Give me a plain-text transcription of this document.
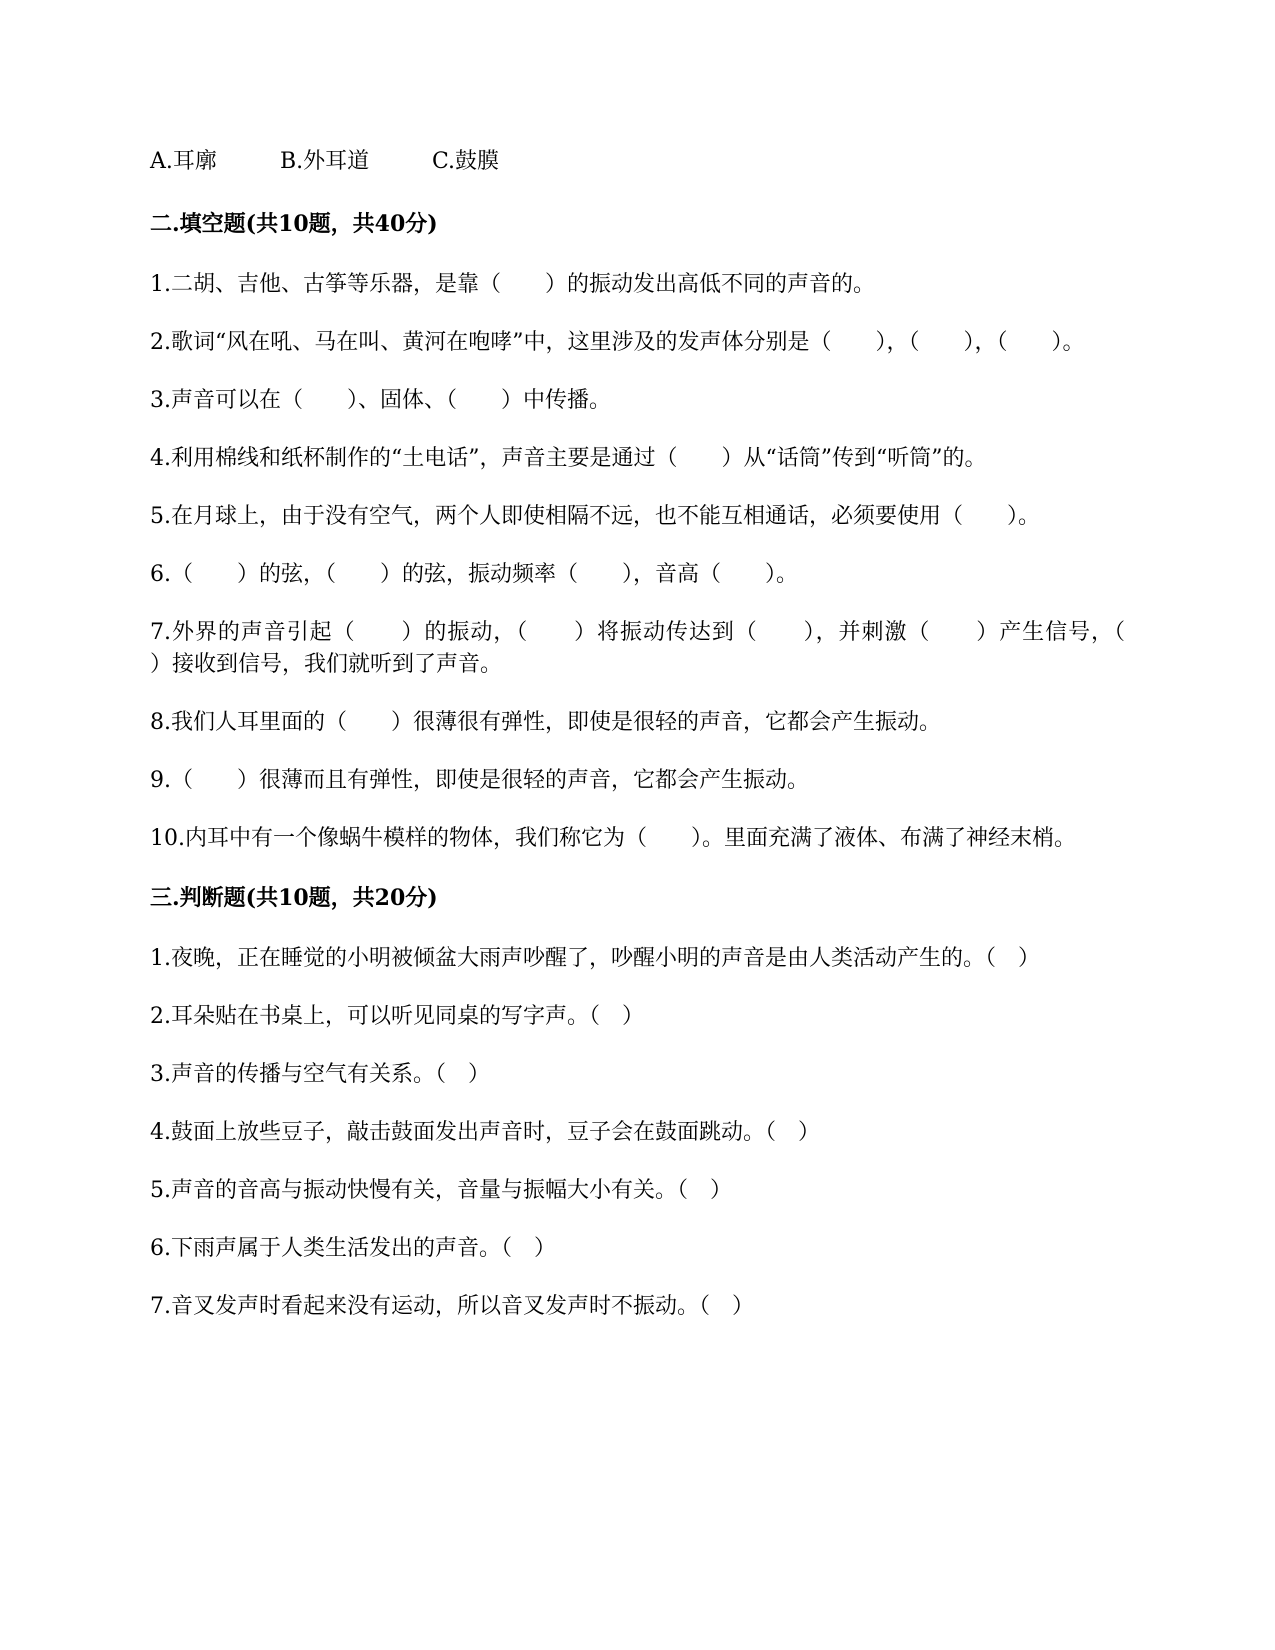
A.耳廓	B.外耳道	C.鼓膜
二.填空题(共10题，共40分)
1.二胡、吉他、古筝等乐器，是靠（　　）的振动发出高低不同的声音的。
2.歌词“风在吼、马在叫、黄河在咆哮”中，这里涉及的发声体分别是（　　），（　　），（　　）。
3.声音可以在（　　）、固体、（　　）中传播。
4.利用棉线和纸杯制作的“土电话”，声音主要是通过（　　）从“话筒”传到“听筒”的。
5.在月球上，由于没有空气，两个人即使相隔不远，也不能互相通话，必须要使用（　　）。
6.（　　）的弦，（　　）的弦，振动频率（　　），音高（　　）。
7.外界的声音引起（　　）的振动，（　　）将振动传达到（　　），并刺激（　　）产生信号，（　　）接收到信号，我们就听到了声音。
8.我们人耳里面的（　　）很薄很有弹性，即使是很轻的声音，它都会产生振动。
9.（　　）很薄而且有弹性，即使是很轻的声音，它都会产生振动。
10.内耳中有一个像蜗牛模样的物体，我们称它为（　　）。里面充满了液体、布满了神经末梢。
三.判断题(共10题，共20分)
1.夜晚，正在睡觉的小明被倾盆大雨声吵醒了，吵醒小明的声音是由人类活动产生的。（　）
2.耳朵贴在书桌上，可以听见同桌的写字声。（　）
3.声音的传播与空气有关系。（　）
4.鼓面上放些豆子，敲击鼓面发出声音时，豆子会在鼓面跳动。（　）
5.声音的音高与振动快慢有关，音量与振幅大小有关。（　）
6.下雨声属于人类生活发出的声音。（　）
7.音叉发声时看起来没有运动，所以音叉发声时不振动。（　）
